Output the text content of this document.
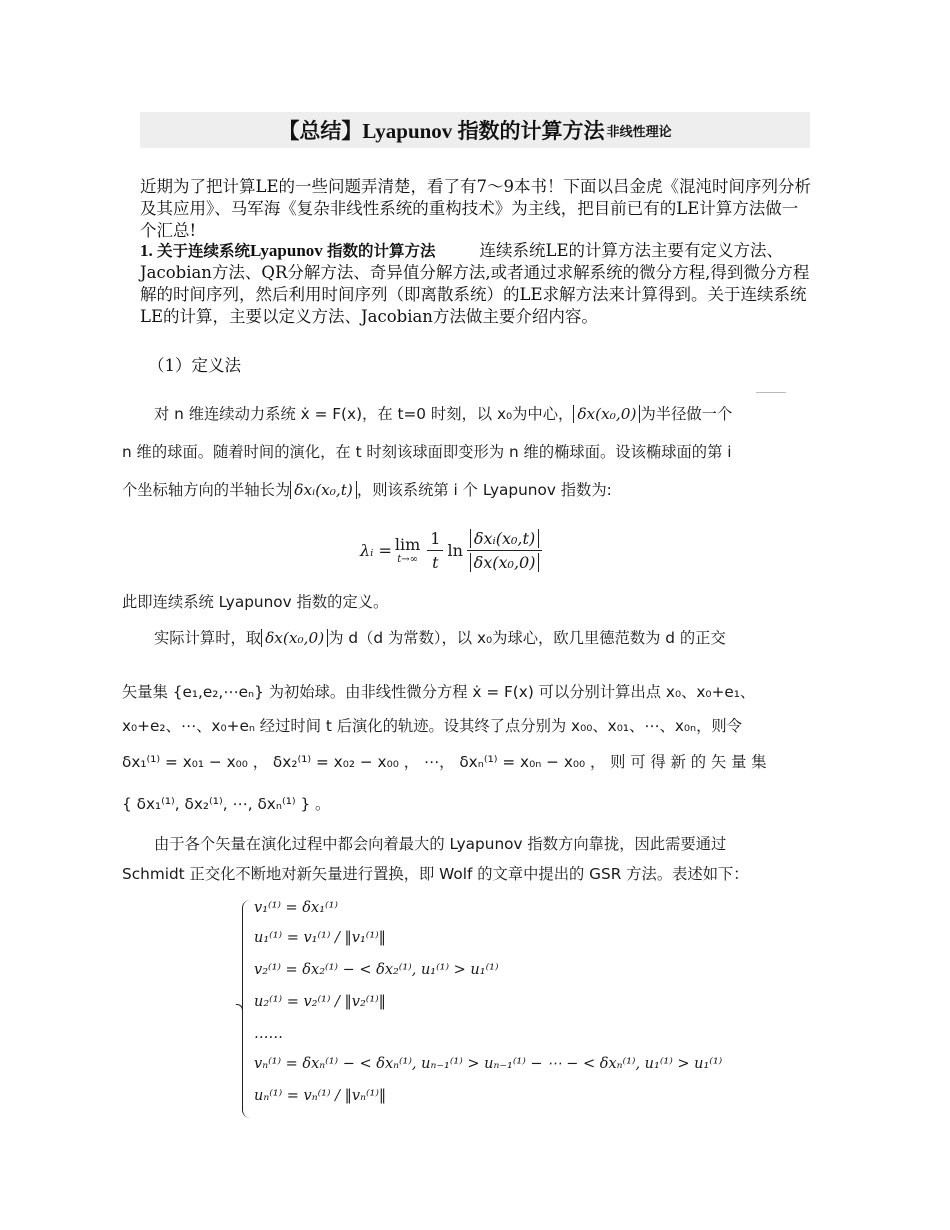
【总结】Lyapunov 指数的计算方法 非线性理论
近期为了把计算LE的一些问题弄清楚，看了有7～9本书！下面以吕金虎《混沌时间序列分析及其应用》、马军海《复杂非线性系统的重构技术》为主线，把目前已有的LE计算方法做一个汇总!
1. 关于连续系统Lyapunov 指数的计算方法	连续系统LE的计算方法主要有定义方法、Jacobian方法、QR分解方法、奇异值分解方法,或者通过求解系统的微分方程,得到微分方程解的时间序列，然后利用时间序列（即离散系统）的LE求解方法来计算得到。关于连续系统LE的计算，主要以定义方法、Jacobian方法做主要介绍内容。
（1）定义法
对 n 维连续动力系统 ẋ = F(x)，在 t=0 时刻，以 x₀为中心， δx(x₀,0) 为半径做一个
n 维的球面。随着时间的演化，在 t 时刻该球面即变形为 n 维的椭球面。设该椭球面的第 i
个坐标轴方向的半轴长为 δxᵢ(x₀,t) ，则该系统第 i 个 Lyapunov 指数为:
λᵢ = lim
$t\to\infty \frac{1}{t}$ $\ln \frac{\text{δxᵢ(x₀,t)}}{\text{δx(x₀,0)}}$
此即连续系统 Lyapunov 指数的定义。
实际计算时，取 δx(x₀,0) 为 d（d 为常数），以 x₀为球心，欧几里德范数为 d 的正交
矢量集 {e₁,e₂,⋯eₙ} 为初始球。由非线性微分方程 ẋ = F(x) 可以分别计算出点 x₀、x₀+e₁、
x₀+e₂、⋯、x₀+eₙ 经过时间 t 后演化的轨迹。设其终了点分别为 x₀₀、x₀₁、⋯、x₀ₙ，则令
δx₁⁽¹⁾ = x₀₁ − x₀₀ ， δx₂⁽¹⁾ = x₀₂ − x₀₀ ， ⋯， δxₙ⁽¹⁾ = x₀ₙ − x₀₀ ， 则 可 得 新 的 矢 量 集
{ δx₁⁽¹⁾, δx₂⁽¹⁾, ⋯, δxₙ⁽¹⁾ } 。
由于各个矢量在演化过程中都会向着最大的 Lyapunov 指数方向靠拢，因此需要通过
Schmidt 正交化不断地对新矢量进行置换，即 Wolf 的文章中提出的 GSR 方法。表述如下：
v₁⁽¹⁾ = δx₁⁽¹⁾
u₁⁽¹⁾ = v₁⁽¹⁾ / ‖v₁⁽¹⁾‖
v₂⁽¹⁾ = δx₂⁽¹⁾ − < δx₂⁽¹⁾, u₁⁽¹⁾ > u₁⁽¹⁾
u₂⁽¹⁾ = v₂⁽¹⁾ / ‖v₂⁽¹⁾‖
……
vₙ⁽¹⁾ = δxₙ⁽¹⁾ − < δxₙ⁽¹⁾, uₙ₋₁⁽¹⁾ > uₙ₋₁⁽¹⁾ − ⋯ − < δxₙ⁽¹⁾, u₁⁽¹⁾ > u₁⁽¹⁾
uₙ⁽¹⁾ = vₙ⁽¹⁾ / ‖vₙ⁽¹⁾‖
